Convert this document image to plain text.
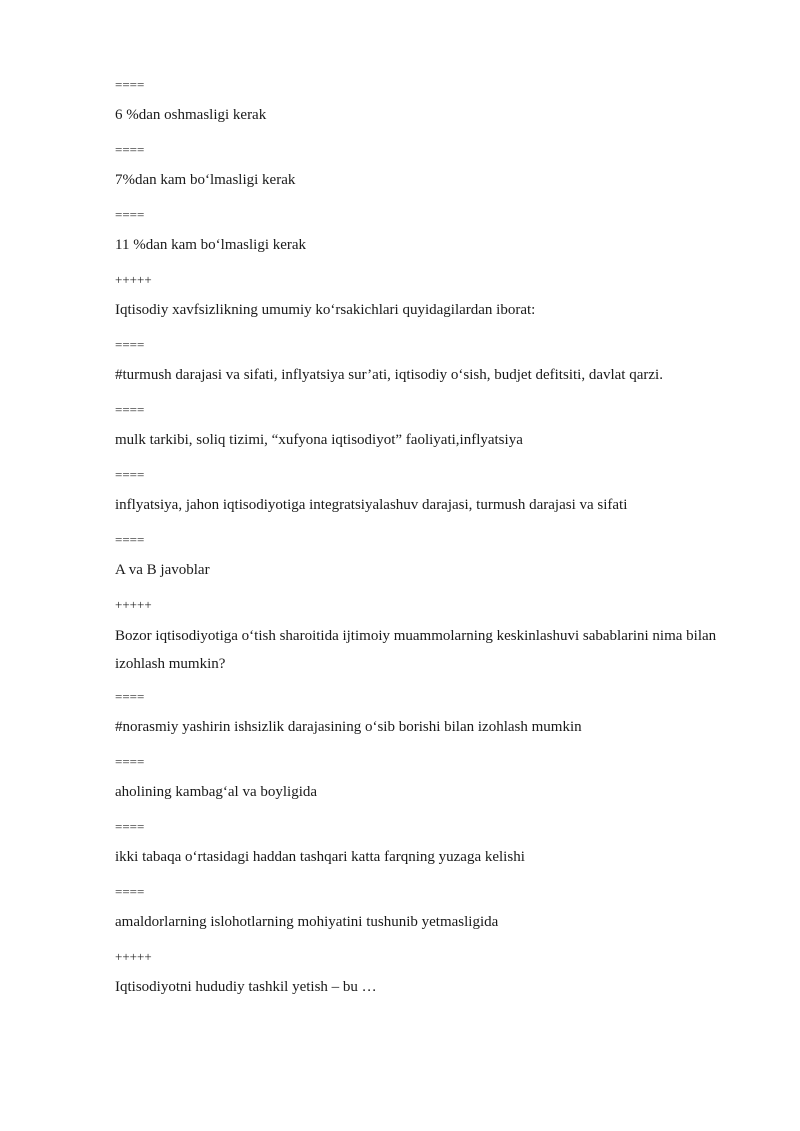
====

6 %dan oshmasligi kerak

====

7%dan kam boʻlmasligi kerak

====

11 %dan kam boʻlmasligi kerak

+++++

Iqtisodiy xavfsizlikning umumiy koʻrsakichlari quyidagilardan iborat:

====

#turmush darajasi va sifati, inflyatsiya sur’ati, iqtisodiy oʻsish, budjet defitsiti, davlat qarzi.

====

mulk tarkibi, soliq tizimi, “xufyona iqtisodiyot” faoliyati,inflyatsiya

====

inflyatsiya, jahon iqtisodiyotiga integratsiyalashuv darajasi, turmush darajasi va sifati

====

A va B javoblar

+++++

Bozor iqtisodiyotiga oʻtish sharoitida ijtimoiy muammolarning keskinlashuvi sabablarini nima bilan izohlash mumkin?

====

#norasmiy yashirin ishsizlik darajasining oʻsib borishi bilan izohlash mumkin

====

aholining kambagʻal va boyligida

====

ikki tabaqa oʻrtasidagi haddan tashqari katta farqning yuzaga kelishi

====

amaldorlarning islohotlarning mohiyatini tushunib yetmasligida

+++++

Iqtisodiyotni hududiy tashkil yetish – bu …
